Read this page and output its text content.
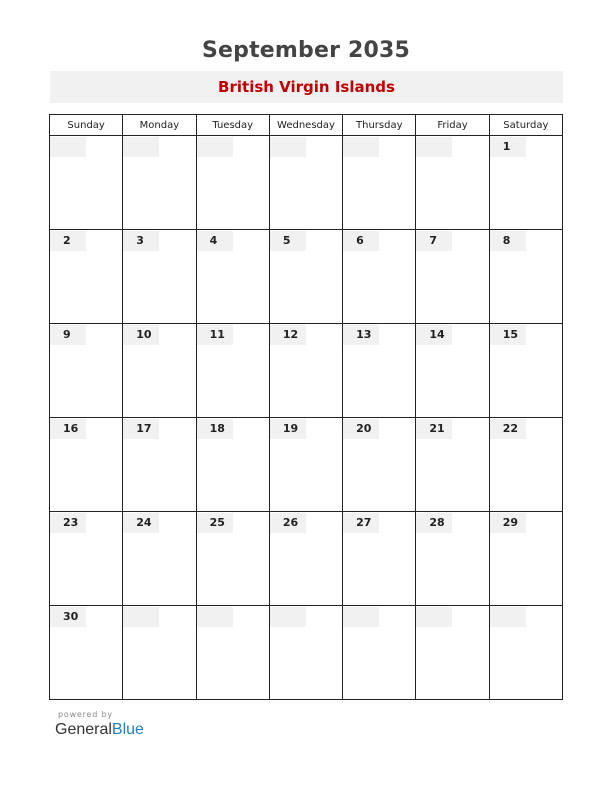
September 2035
British Virgin Islands
Sunday	Monday	Tuesday	Wednesday	Thursday	Friday	Saturday

						1

2	3	4	5	6	7	8

9	10	11	12	13	14	15

16	17	18	19	20	21	22

23	24	25	26	27	28	29

30						

powered by
GeneralBlue
